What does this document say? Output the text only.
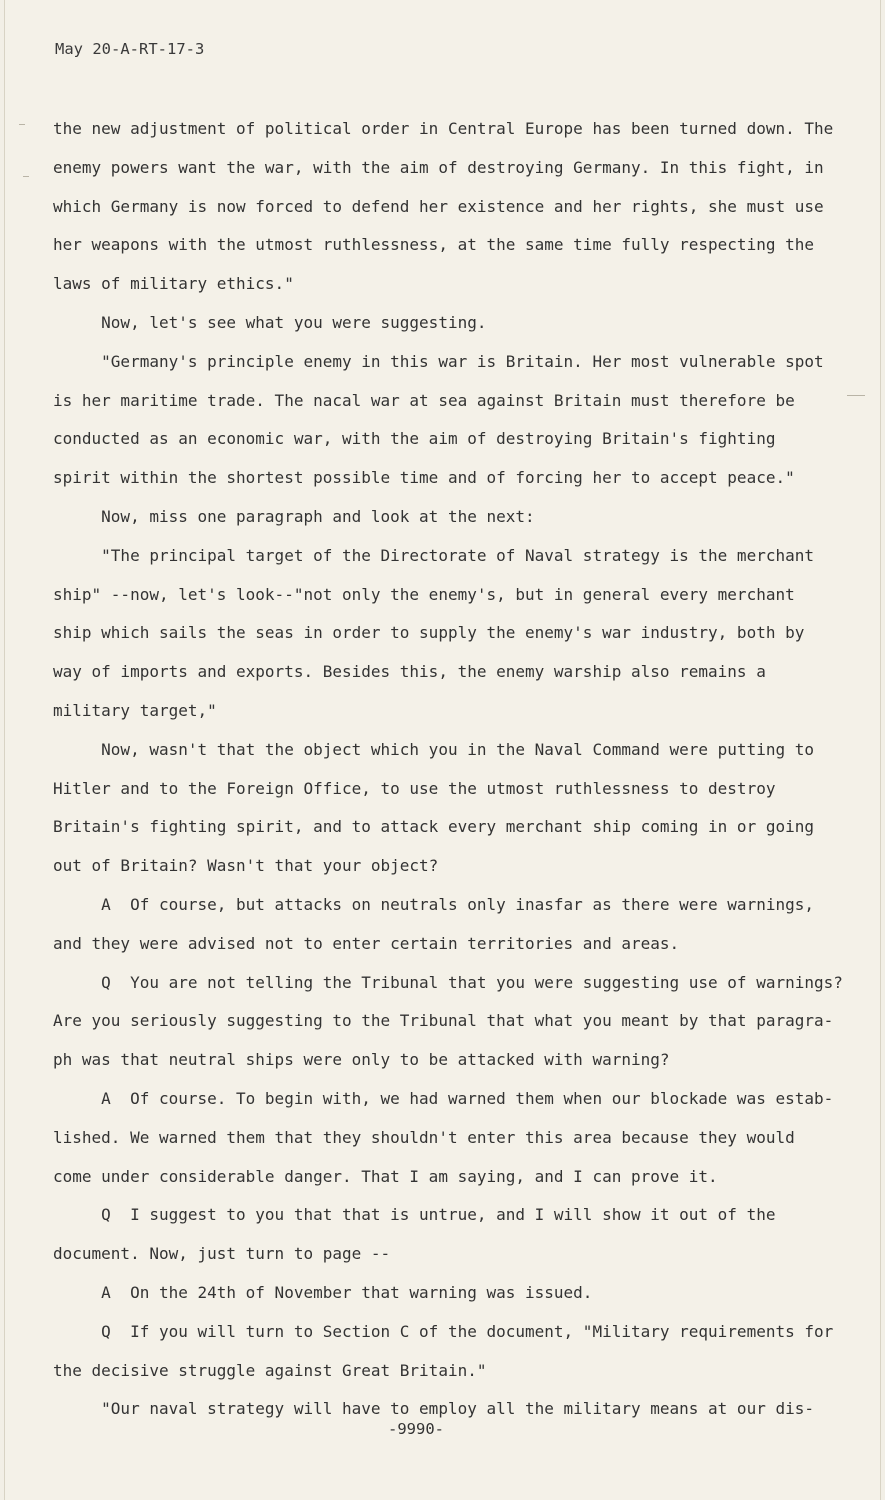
May 20-A-RT-17-3
the new adjustment of political order in Central Europe has been turned down. The
enemy powers want the war, with the aim of destroying Germany. In this fight, in
which Germany is now forced to defend her existence and her rights, she must use
her weapons with the utmost ruthlessness, at the same time fully respecting the
laws of military ethics."
Now, let's see what you were suggesting.
"Germany's principle enemy in this war is Britain. Her most vulnerable spot
is her maritime trade. The nacal war at sea against Britain must therefore be
conducted as an economic war, with the aim of destroying Britain's fighting
spirit within the shortest possible time and of forcing her to accept peace."
Now, miss one paragraph and look at the next:
"The principal target of the Directorate of Naval strategy is the merchant
ship" --now, let's look--"not only the enemy's, but in general every merchant
ship which sails the seas in order to supply the enemy's war industry, both by
way of imports and exports. Besides this, the enemy warship also remains a
military target,"
Now, wasn't that the object which you in the Naval Command were putting to
Hitler and to the Foreign Office, to use the utmost ruthlessness to destroy
Britain's fighting spirit, and to attack every merchant ship coming in or going
out of Britain? Wasn't that your object?
A  Of course, but attacks on neutrals only inasfar as there were warnings,
and they were advised not to enter certain territories and areas.
Q  You are not telling the Tribunal that you were suggesting use of warnings?
Are you seriously suggesting to the Tribunal that what you meant by that paragra-
ph was that neutral ships were only to be attacked with warning?
A  Of course. To begin with, we had warned them when our blockade was estab-
lished. We warned them that they shouldn't enter this area because they would
come under considerable danger. That I am saying, and I can prove it.
Q  I suggest to you that that is untrue, and I will show it out of the
document. Now, just turn to page --
A  On the 24th of November that warning was issued.
Q  If you will turn to Section C of the document, "Military requirements for
the decisive struggle against Great Britain."
"Our naval strategy will have to employ all the military means at our dis-
-9990-
